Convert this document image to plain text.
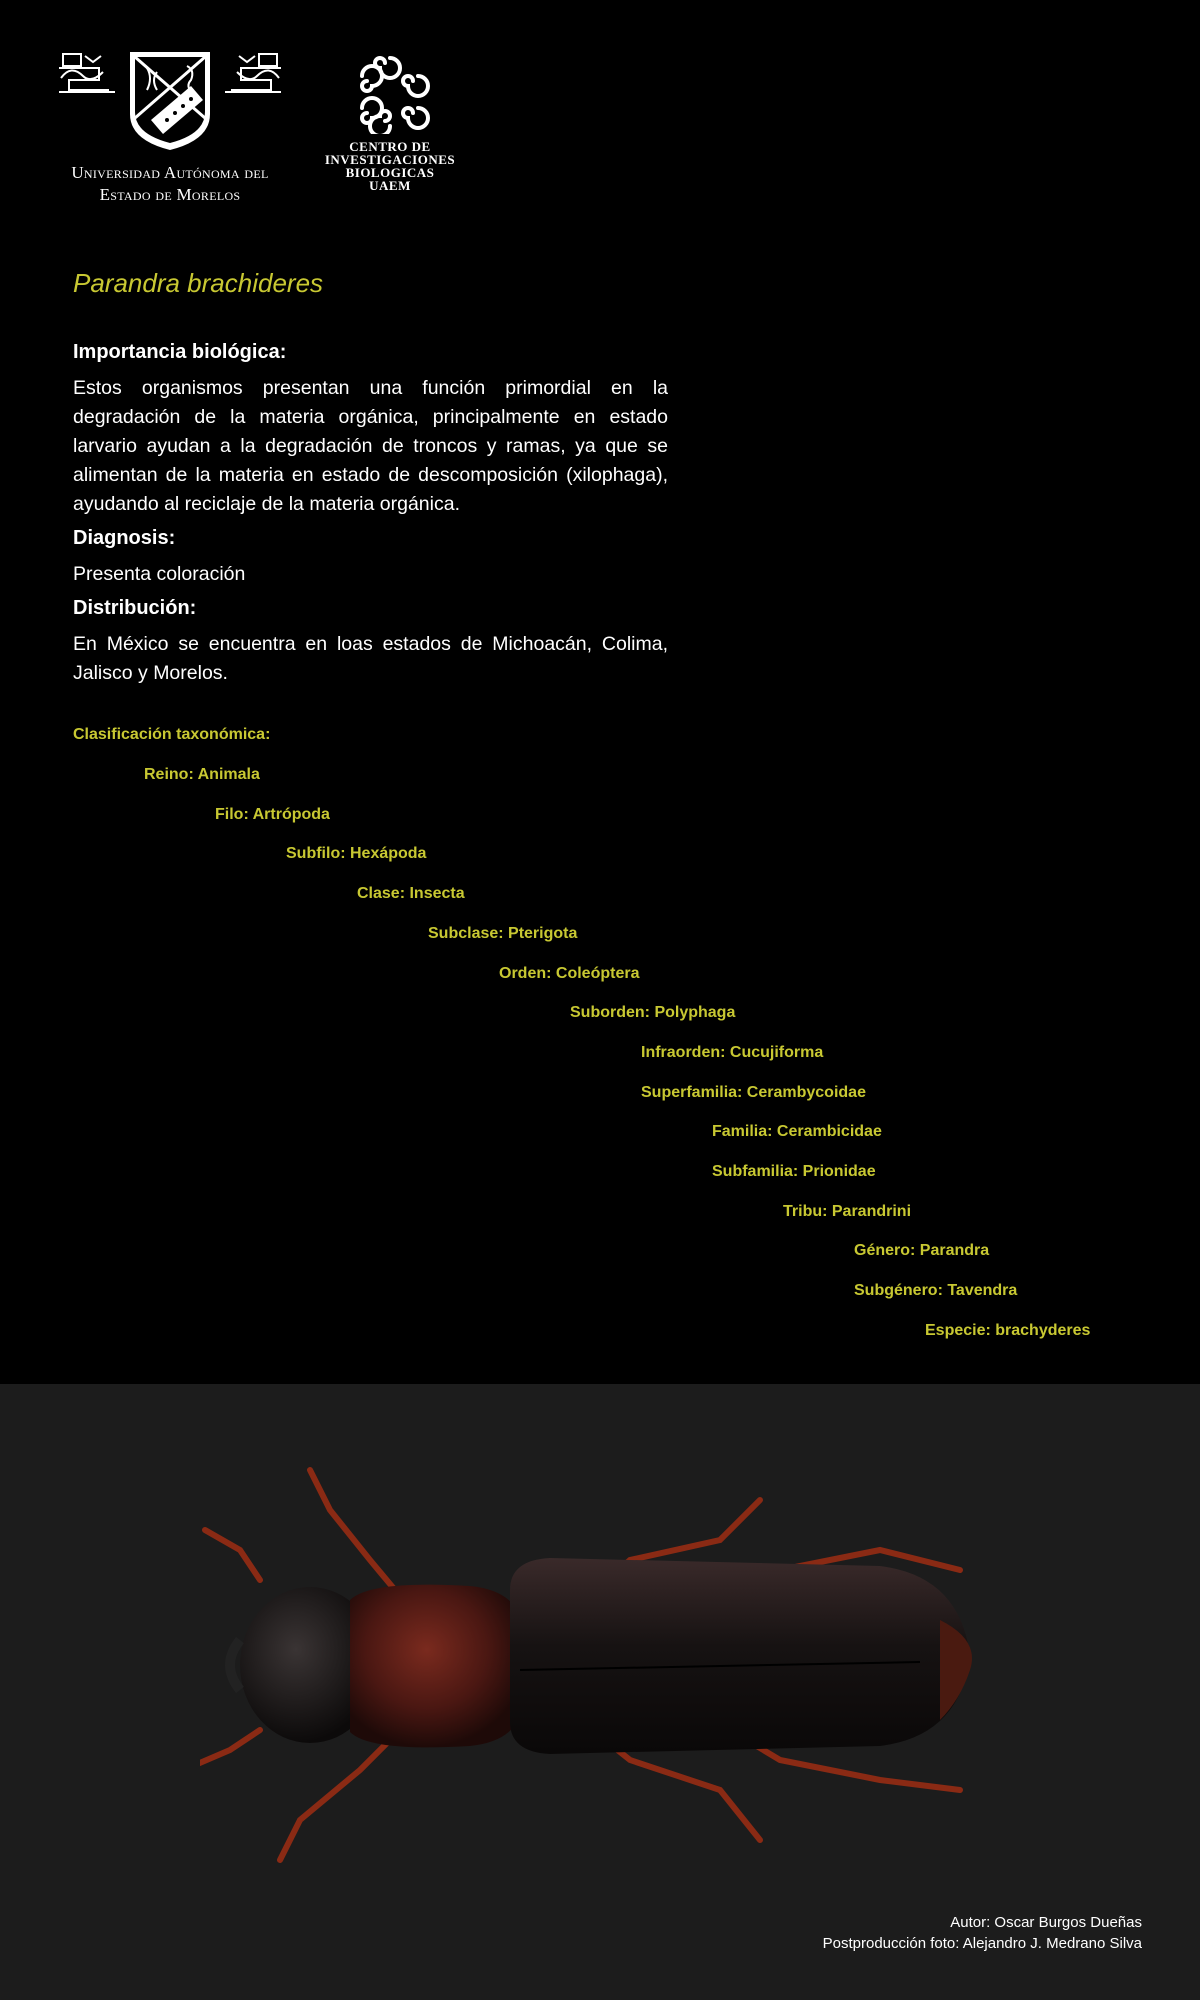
Universidad Autónoma del
Estado de Morelos
CENTRO DE
INVESTIGACIONES
BIOLOGICAS
UAEM
Parandra brachideres
Importancia biológica:

Estos organismos presentan una función primordial en la degradación de la materia orgánica, principalmente en estado larvario ayudan a la degradación de troncos y ramas, ya que se alimentan de la materia en estado de descomposición (xilophaga), ayudando al reciclaje de la materia orgánica.

Diagnosis:

Presenta coloración

Distribución:

En México se encuentra en loas estados de Michoacán, Colima, Jalisco y Morelos.

Clasificación taxonómica:
Reino: Animala
Filo: Artrópoda
Subfilo: Hexápoda
Clase: Insecta
Subclase: Pterigota
Orden: Coleóptera
Suborden: Polyphaga
Infraorden: Cucujiforma
Superfamilia: Cerambycoidae
Familia: Cerambicidae
Subfamilia: Prionidae
Tribu: Parandrini
Género: Parandra
Subgénero: Tavendra
Especie: brachyderes
Autor: Oscar Burgos Dueñas
Postproducción foto: Alejandro J. Medrano Silva
